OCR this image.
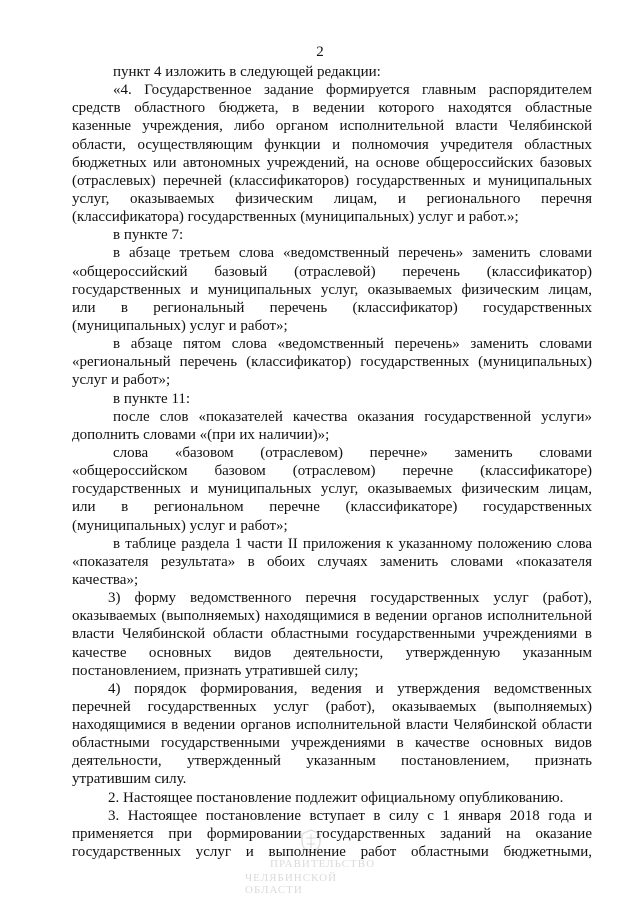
2
пункт 4 изложить в следующей редакции:
«4. Государственное задание формируется главным распорядителем
средств областного бюджета, в ведении которого находятся областные
казенные учреждения, либо органом исполнительной власти Челябинской
области, осуществляющим функции и полномочия учредителя областных
бюджетных или автономных учреждений, на основе общероссийских базовых
(отраслевых) перечней (классификаторов) государственных и муниципальных
услуг, оказываемых физическим лицам, и регионального перечня
(классификатора) государственных (муниципальных) услуг и работ.»;
в пункте 7:
в абзаце третьем слова «ведомственный перечень» заменить словами
«общероссийский базовый (отраслевой) перечень (классификатор)
государственных и муниципальных услуг, оказываемых физическим лицам,
или в региональный перечень (классификатор) государственных
(муниципальных) услуг и работ»;
в абзаце пятом слова «ведомственный перечень» заменить словами
«региональный перечень (классификатор) государственных (муниципальных)
услуг и работ»;
в пункте 11:
после слов «показателей качества оказания государственной услуги»
дополнить словами «(при их наличии)»;
слова «базовом (отраслевом) перечне» заменить словами
«общероссийском базовом (отраслевом) перечне (классификаторе)
государственных и муниципальных услуг, оказываемых физическим лицам,
или в региональном перечне (классификаторе) государственных
(муниципальных) услуг и работ»;
в таблице раздела 1 части II приложения к указанному положению слова
«показателя результата» в обоих случаях заменить словами «показателя
качества»;
3) форму ведомственного перечня государственных услуг (работ),
оказываемых (выполняемых) находящимися в ведении органов исполнительной
власти Челябинской области областными государственными учреждениями в
качестве основных видов деятельности, утвержденную указанным
постановлением, признать утратившей силу;
4) порядок формирования, ведения и утверждения ведомственных
перечней государственных услуг (работ), оказываемых (выполняемых)
находящимися в ведении органов исполнительной власти Челябинской области
областными государственными учреждениями в качестве основных видов
деятельности, утвержденный указанным постановлением, признать
утратившим силу.
2. Настоящее постановление подлежит официальному опубликованию.
3. Настоящее постановление вступает в силу с 1 января 2018 года и
применяется при формировании государственных заданий на оказание
государственных услуг и выполнение работ областными бюджетными,
ПРАВИТЕЛЬСТВО
ЧЕЛЯБИНСКОЙ ОБЛАСТИ
